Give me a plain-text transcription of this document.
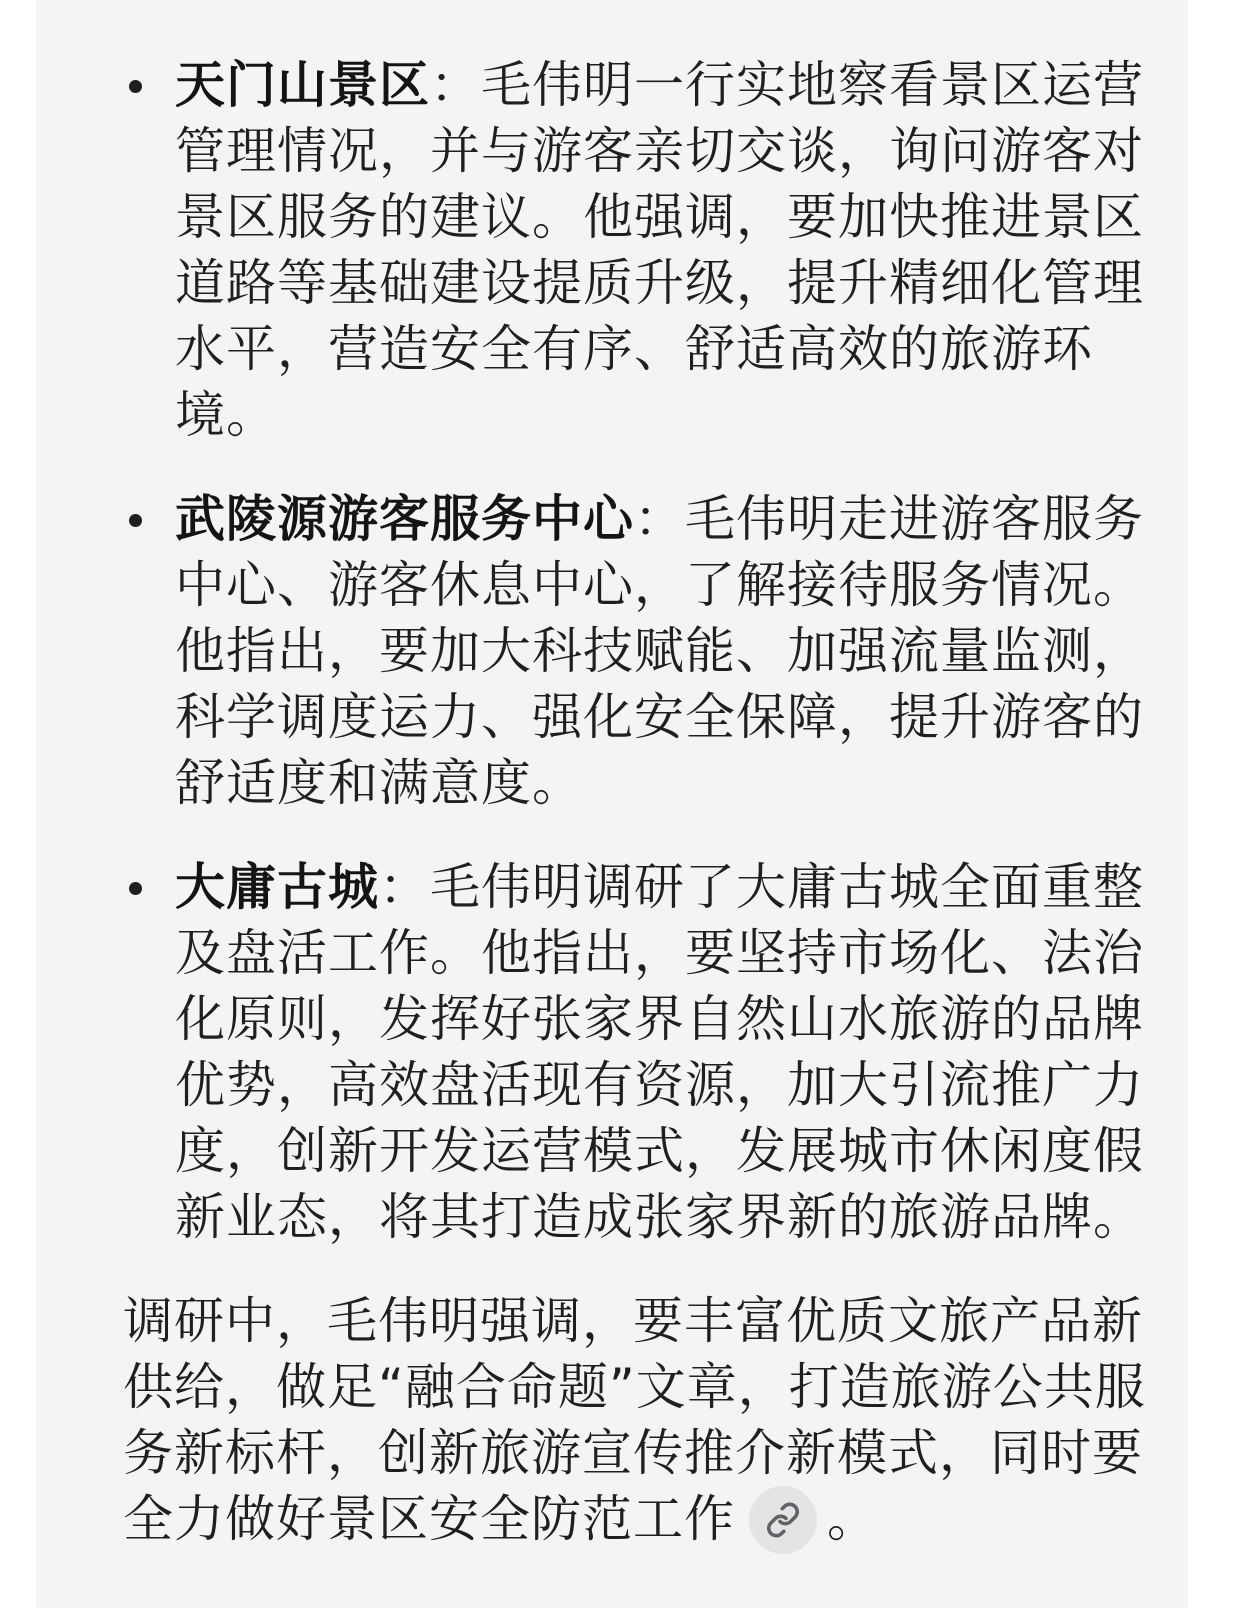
天门山景区：毛伟明一行实地察看景区运营管理情况，并与游客亲切交谈，询问游客对景区服务的建议。他强调，要加快推进景区道路等基础建设提质升级，提升精细化管理水平，营造安全有序、舒适高效的旅游环境。
武陵源游客服务中心：毛伟明走进游客服务中心、游客休息中心，了解接待服务情况。他指出，要加大科技赋能、加强流量监测，科学调度运力、强化安全保障，提升游客的舒适度和满意度。
大庸古城：毛伟明调研了大庸古城全面重整及盘活工作。他指出，要坚持市场化、法治化原则，发挥好张家界自然山水旅游的品牌优势，高效盘活现有资源，加大引流推广力度，创新开发运营模式，发展城市休闲度假新业态，将其打造成张家界新的旅游品牌。

调研中，毛伟明强调，要丰富优质文旅产品新供给，做足“融合命题”文章，打造旅游公共服务新标杆，创新旅游宣传推介新模式，同时要全力做好景区安全防范工作 。
